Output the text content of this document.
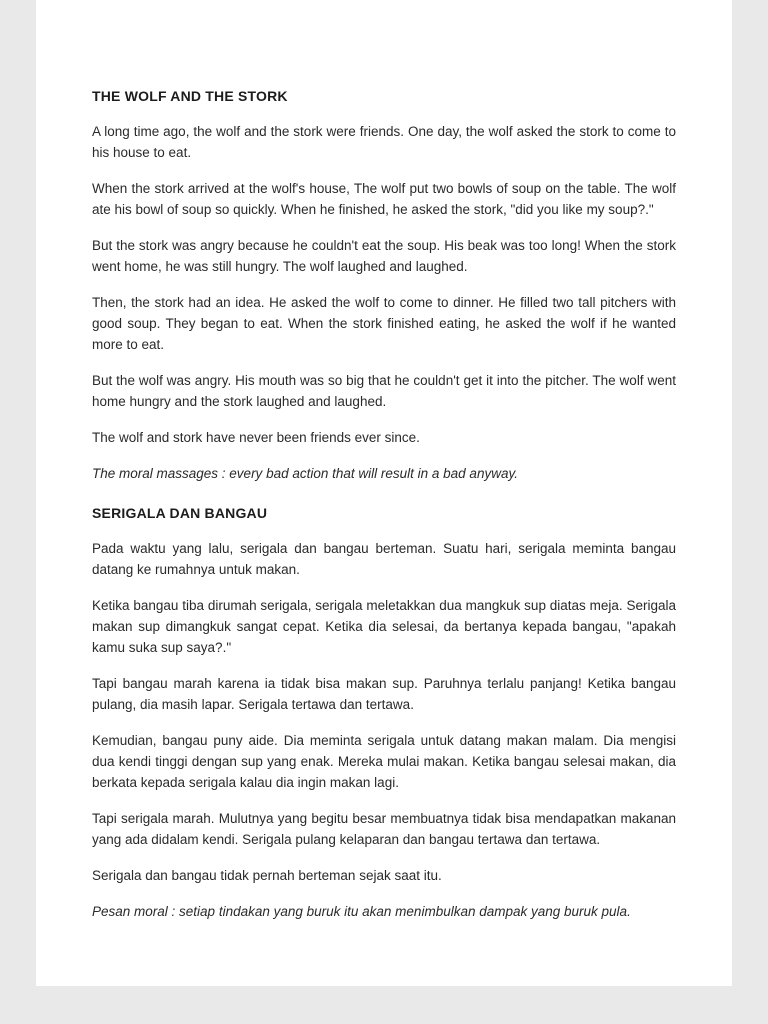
THE WOLF AND THE STORK

A long time ago, the wolf and the stork were friends. One day, the wolf asked the stork to come to his house to eat.

When the stork arrived at the wolf's house, The wolf put two bowls of soup on the table. The wolf ate his bowl of soup so quickly. When he finished, he asked the stork, "did you like my soup?."

But the stork was angry because he couldn't eat the soup. His beak was too long! When the stork went home, he was still hungry. The wolf laughed and laughed.

Then, the stork had an idea. He asked the wolf to come to dinner. He filled two tall pitchers with good soup. They began to eat. When the stork finished eating, he asked the wolf if he wanted more to eat.

But the wolf was angry. His mouth was so big that he couldn't get it into the pitcher. The wolf went home hungry and the stork laughed and laughed.

The wolf and stork have never been friends ever since.

The moral massages : every bad action that will result in a bad anyway.

SERIGALA DAN BANGAU

Pada waktu yang lalu, serigala dan bangau berteman. Suatu hari, serigala meminta bangau datang ke rumahnya untuk makan.

Ketika bangau tiba dirumah serigala, serigala meletakkan dua mangkuk sup diatas meja. Serigala makan sup dimangkuk sangat cepat. Ketika dia selesai, da bertanya kepada bangau, "apakah kamu suka sup saya?."

Tapi bangau marah karena ia tidak bisa makan sup. Paruhnya terlalu panjang! Ketika bangau pulang, dia masih lapar. Serigala tertawa dan tertawa.

Kemudian, bangau puny aide. Dia meminta serigala untuk datang makan malam. Dia mengisi dua kendi tinggi dengan sup yang enak. Mereka mulai makan. Ketika bangau selesai makan, dia berkata kepada serigala kalau dia ingin makan lagi.

Tapi serigala marah. Mulutnya yang begitu besar membuatnya tidak bisa mendapatkan makanan yang ada didalam kendi. Serigala pulang kelaparan dan bangau tertawa dan tertawa.

Serigala dan bangau tidak pernah berteman sejak saat itu.

Pesan moral : setiap tindakan yang buruk itu akan menimbulkan dampak yang buruk pula.
